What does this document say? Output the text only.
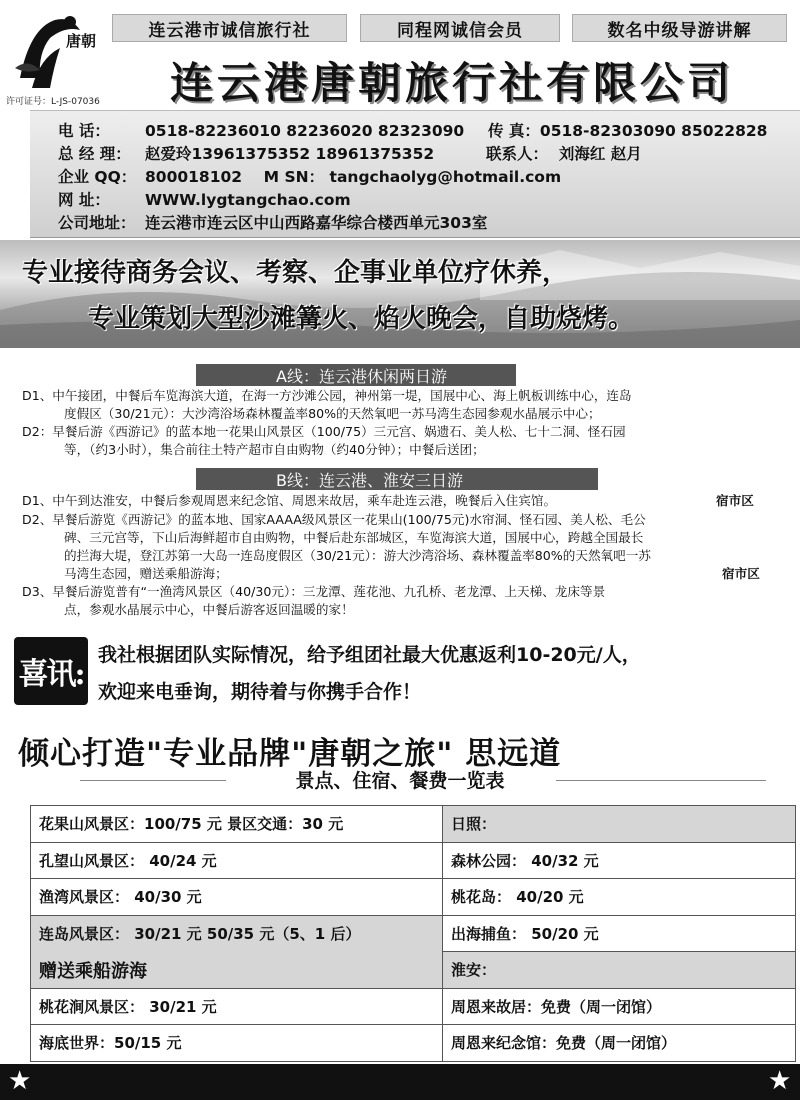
唐朝
许可证号：L-JS-07036
连云港市诚信旅行社	同程网诚信会员	数名中级导游讲解
连云港唐朝旅行社有限公司
电 话： 0518-82236010 82236020 82323090 传 真：0518-82303090 85022828
总 经 理： 赵爱玲13961375352 18961375352	联系人： 刘海红 赵月
企业 QQ： 800018102 M SN： tangchaolyg@hotmail.com
网 址： WWW.lygtangchao.com
公司地址： 连云港市连云区中山西路嘉华综合楼西单元303室
专业接待商务会议、考察、企事业单位疗休养，
专业策划大型沙滩篝火、焰火晚会，自助烧烤。
A线：连云港休闲两日游

D1、中午接团，中餐后车览海滨大道，在海一方沙滩公园，神州第一堤，国展中心、海上帆板训练中心，连岛

度假区（30/21元）：大沙湾浴场森林覆盖率80%的天然氧吧一苏马湾生态园参观水晶展示中心；

D2：早餐后游《西游记》的蓝本地一花果山风景区（100/75）三元宫、娲遗石、美人松、七十二洞、怪石园

等，（约3小时），集合前往土特产超市自由购物（约40分钟）；中餐后送团；

B线：连云港、淮安三日游

D1、中午到达淮安，中餐后参观周恩来纪念馆、周恩来故居，乘车赴连云港，晚餐后入住宾馆。	宿市区

D2、早餐后游览《西游记》的蓝本地、国家AAAA级风景区一花果山(100/75元)水帘洞、怪石园、美人松、毛公

碑、三元宫等，下山后海鲜超市自由购物，中餐后赴东部城区，车览海滨大道，国展中心，跨越全国最长

的拦海大堤，登江苏第一大岛一连岛度假区（30/21元）：游大沙湾浴场、森林覆盖率80%的天然氧吧一苏

马湾生态园，赠送乘船游海；	宿市区

D3、早餐后游览普有“一渔湾风景区（40/30元）：三龙潭、莲花池、九孔桥、老龙潭、上天梯、龙床等景

点，参观水晶展示中心，中餐后游客返回温暖的家！

喜讯:
我社根据团队实际情况，给予组团社最大优惠返利10-20元/人，
欢迎来电垂询，期待着与你携手合作！
倾心打造"专业品牌"唐朝之旅" 思远道
景点、住宿、餐费一览表
花果山风景区：100/75 元 景区交通：30 元	日照：
孔望山风景区： 40/24 元	森林公园： 40/32 元
渔湾风景区： 40/30 元	桃花岛： 40/20 元
连岛风景区： 30/21 元 50/35 元（5、1 后）	出海捕鱼： 50/20 元
赠送乘船游海	淮安：
桃花涧风景区： 30/21 元	周恩来故居：免费（周一闭馆）
海底世界：50/15 元	周恩来纪念馆：免费（周一闭馆）
★	★
